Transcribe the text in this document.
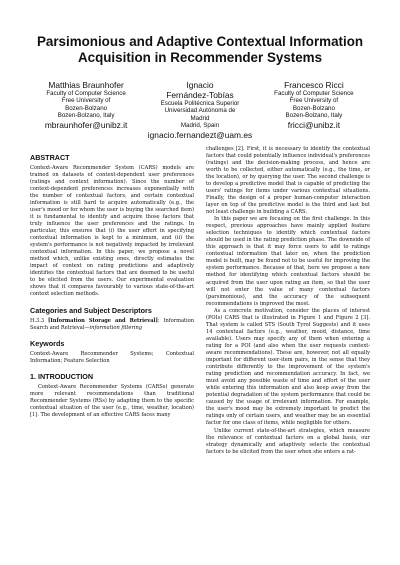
Parsimonious and Adaptive Contextual Information
Acquisition in Recommender Systems
Matthias Braunhofer
Faculty of Computer Science
Free University of
Bozen-Bolzano
Bozen-Bolzano, Italy
mbraunhofer@unibz.it
Ignacio
Fernández-Tobías
Escuela Politécnica Superior
Universidad Autónoma de
Madrid
Madrid, Spain
ignacio.fernandezt@uam.es
Francesco Ricci
Faculty of Computer Science
Free University of
Bozen-Bolzano
Bozen-Bolzano, Italy
fricci@unibz.it
ABSTRACT

Context-Aware Recommender System (CARS) models are trained on datasets of context-dependent user preferences (ratings and context information). Since the number of context-dependent preferences increases exponentially with the number of contextual factors, and certain contextual information is still hard to acquire automatically (e.g., the user's mood or for whom the user is buying the searched item) it is fundamental to identify and acquire those factors that truly influence the user preferences and the ratings. In particular, this ensures that (i) the user effort in specifying contextual information is kept to a minimum, and (ii) the system's performance is not negatively impacted by irrelevant contextual information. In this paper, we propose a novel method which, unlike existing ones, directly estimates the impact of context on rating predictions and adaptively identifies the contextual factors that are deemed to be useful to be elicited from the users. Our experimental evaluation shows that it compares favourably to various state-of-the-art context selection methods.

Categories and Subject Descriptors

H.3.3 [Information Storage and Retrieval]: Information Search and Retrieval—information filtering

Keywords

Context-Aware Recommender Systems; Contextual Information; Feature Selection

1. INTRODUCTION

Context-Aware Recommender Systems (CARSs) generate more relevant recommendations than traditional Recommender Systems (RSs) by adapting them to the specific contextual situation of the user (e.g., time, weather, location) [1]. The development of an effective CARS faces many

challenges [2]. First, it is necessary to identify the contextual factors that could potentially influence individual's preferences (ratings) and the decision-making process, and hence are worth to be collected, either automatically (e.g., the time, or the location), or by querying the user. The second challenge is to develop a predictive model that is capable of predicting the users' ratings for items under various contextual situations. Finally, the design of a proper human-computer interaction layer on top of the predictive model is the third and last but not least challenge in building a CARS.

In this paper we are focusing on the first challenge. In this respect, previous approaches have mainly applied feature selection techniques to identify which contextual factors should be used in the rating prediction phase. The downside of this approach is that it may force users to add to ratings contextual information that later on, when the prediction model is built, may be found not to be useful for improving the system performance. Because of that, here we propose a new method for identifying which contextual factors should be acquired from the user upon rating an item, so that the user will not enter the value of many contextual factors (parsimonious), and the accuracy of the subsequent recommendations is improved the most.

As a concrete motivation, consider the places of interest (POIs) CARS that is illustrated in Figure 1 and Figure 2 [3]. That system is called STS (South Tyrol Suggests) and it uses 14 contextual factors (e.g., weather, mood, distance, time available). Users may specify any of them when entering a rating for a POI (and also when the user requests context-aware recommendations). These are, however, not all equally important for different user-item pairs, in the sense that they contribute differently to the improvement of the system's rating prediction and recommendation accuracy. In fact, we must avoid any possible waste of time and effort of the user while entering this information and also keep away from the potential degradation of the system performance that could be caused by the usage of irrelevant information. For example, the user's mood may be extremely important to predict the ratings only of certain users, and weather may be an essential factor for one class of items, while negligible for others.

Unlike current state-of-the-art strategies, which measure the relevance of contextual factors on a global basis, our strategy dynamically and adaptively selects the contextual factors to be elicited from the user when she enters a rat-
